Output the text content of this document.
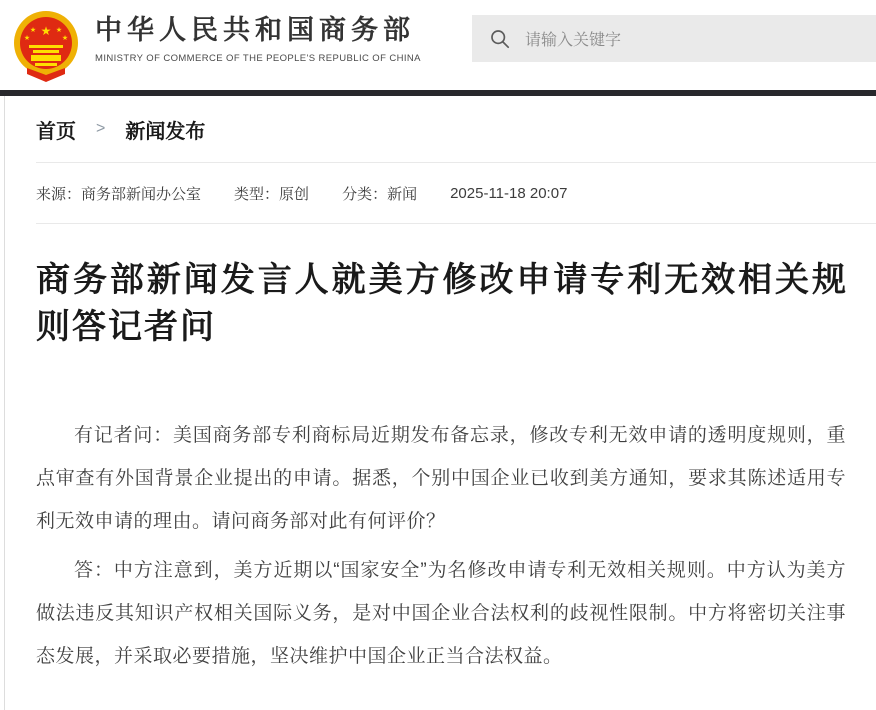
★
★	★
★	★ 中华人民共和国商务部
MINISTRY OF COMMERCE OF THE PEOPLE'S REPUBLIC OF CHINA
请输入关键字
首页 > 新闻发布
来源：商务部新闻办公室 类型：原创 分类：新闻 2025-11-18 20:07
商务部新闻发言人就美方修改申请专利无效相关规则答记者问

有记者问：美国商务部专利商标局近期发布备忘录，修改专利无效申请的透明度规则，重点审查有外国背景企业提出的申请。据悉，个别中国企业已收到美方通知，要求其陈述适用专利无效申请的理由。请问商务部对此有何评价？

答：中方注意到，美方近期以“国家安全”为名修改申请专利无效相关规则。中方认为美方做法违反其知识产权相关国际义务，是对中国企业合法权利的歧视性限制。中方将密切关注事态发展，并采取必要措施，坚决维护中国企业正当合法权益。
